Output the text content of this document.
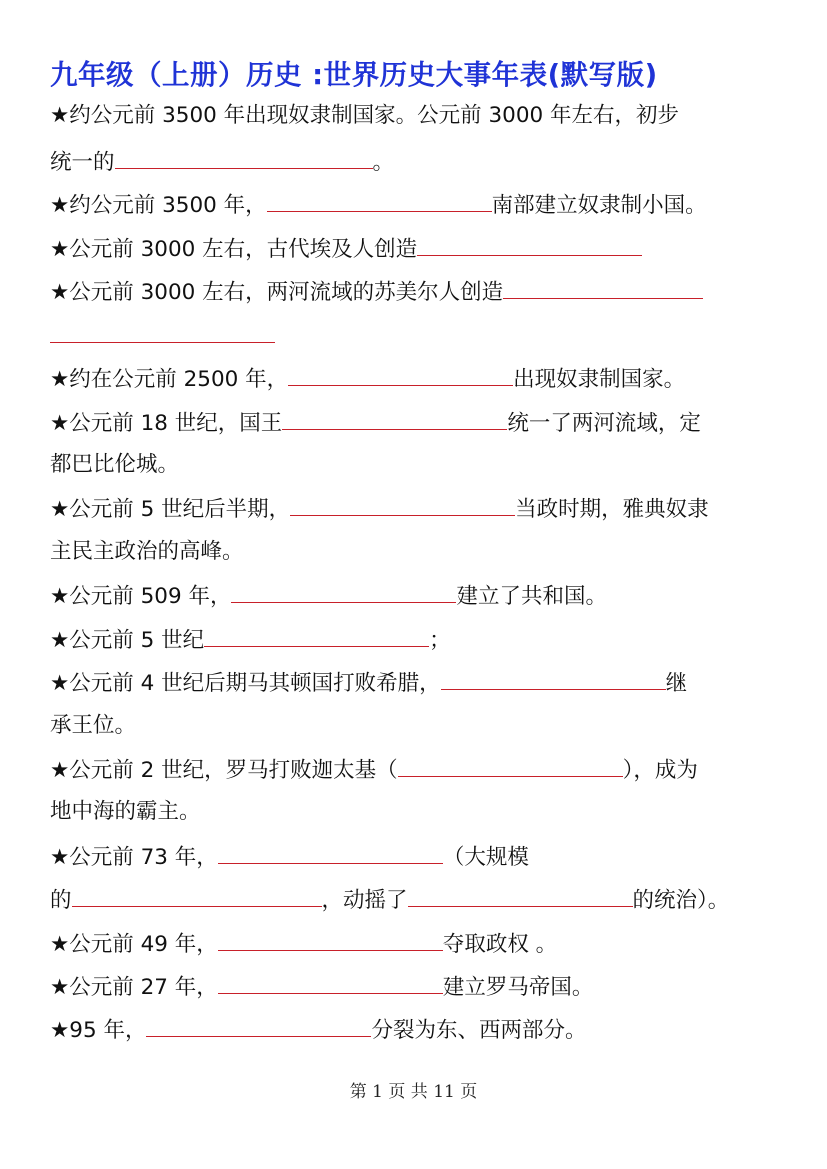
九年级（上册）历史 :世界历史大事年表(默写版)
★约公元前 3500 年出现奴隶制国家。公元前 3000 年左右，初步
统一的	。
★约公元前 3500 年，	南部建立奴隶制小国。
★公元前 3000 左右，古代埃及人创造
★公元前 3000 左右，两河流域的苏美尔人创造
★约在公元前 2500 年，	出现奴隶制国家。
★公元前 18 世纪，国王	统一了两河流域，定
都巴比伦城。
★公元前 5 世纪后半期，	当政时期，雅典奴隶
主民主政治的高峰。
★公元前 509 年，	建立了共和国。
★公元前 5 世纪	；
★公元前 4 世纪后期马其顿国打败希腊，	继
承王位。
★公元前 2 世纪，罗马打败迦太基（	），成为
地中海的霸主。
★公元前 73 年，	（大规模
的	，动摇了	的统治）。
★公元前 49 年，	夺取政权 。
★公元前 27 年，	建立罗马帝国。
★95 年，	分裂为东、西两部分。
第 1 页 共 11 页
